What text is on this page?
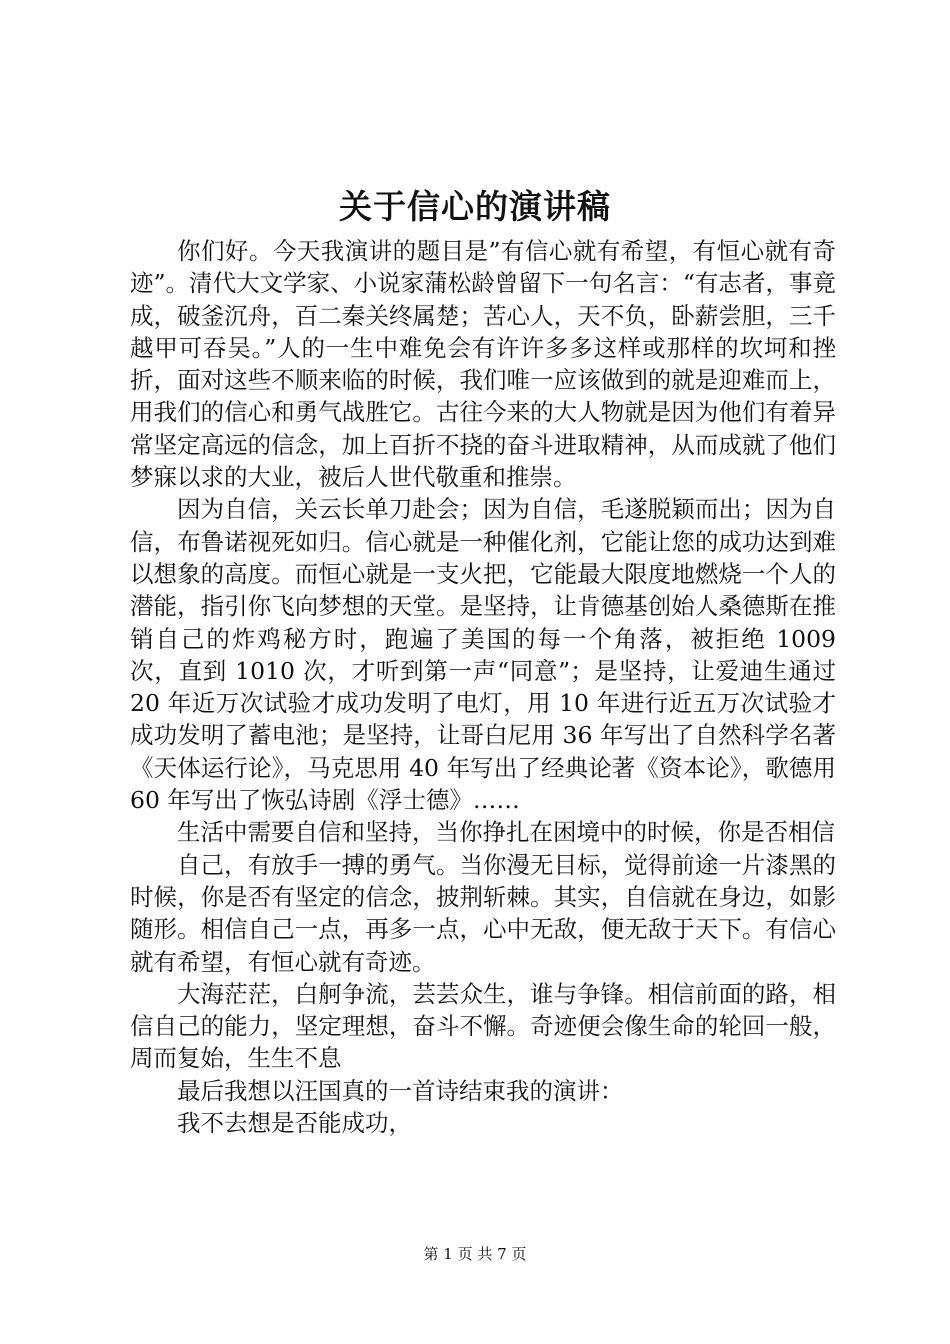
关于信心的演讲稿

你们好。今天我演讲的题目是”有信心就有希望，有恒心就有奇迹”。清代大文学家、小说家蒲松龄曾留下一句名言：“有志者，事竟成，破釜沉舟，百二秦关终属楚；苦心人，天不负，卧薪尝胆，三千越甲可吞吴。”人的一生中难免会有许许多多这样或那样的坎坷和挫折，面对这些不顺来临的时候，我们唯一应该做到的就是迎难而上，用我们的信心和勇气战胜它。古往今来的大人物就是因为他们有着异常坚定高远的信念，加上百折不挠的奋斗进取精神，从而成就了他们梦寐以求的大业，被后人世代敬重和推崇。

因为自信，关云长单刀赴会；因为自信，毛遂脱颖而出；因为自信，布鲁诺视死如归。信心就是一种催化剂，它能让您的成功达到难以想象的高度。而恒心就是一支火把，它能最大限度地燃烧一个人的潜能，指引你飞向梦想的天堂。是坚持，让肯德基创始人桑德斯在推销自己的炸鸡秘方时，跑遍了美国的每一个角落，被拒绝 1009 次，直到 1010 次，才听到第一声“同意”；是坚持，让爱迪生通过 20 年近万次试验才成功发明了电灯，用 10 年进行近五万次试验才成功发明了蓄电池；是坚持，让哥白尼用 36 年写出了自然科学名著《天体运行论》，马克思用 40 年写出了经典论著《资本论》，歌德用 60 年写出了恢弘诗剧《浮士德》……

生活中需要自信和坚持，当你挣扎在困境中的时候，你是否相信

自己，有放手一搏的勇气。当你漫无目标，觉得前途一片漆黑的时候，你是否有坚定的信念，披荆斩棘。其实，自信就在身边，如影随形。相信自己一点，再多一点，心中无敌，便无敌于天下。有信心就有希望，有恒心就有奇迹。

大海茫茫，白舸争流，芸芸众生，谁与争锋。相信前面的路，相信自己的能力，坚定理想，奋斗不懈。奇迹便会像生命的轮回一般，周而复始，生生不息

最后我想以汪国真的一首诗结束我的演讲：

我不去想是否能成功，

第 1 页 共 7 页
